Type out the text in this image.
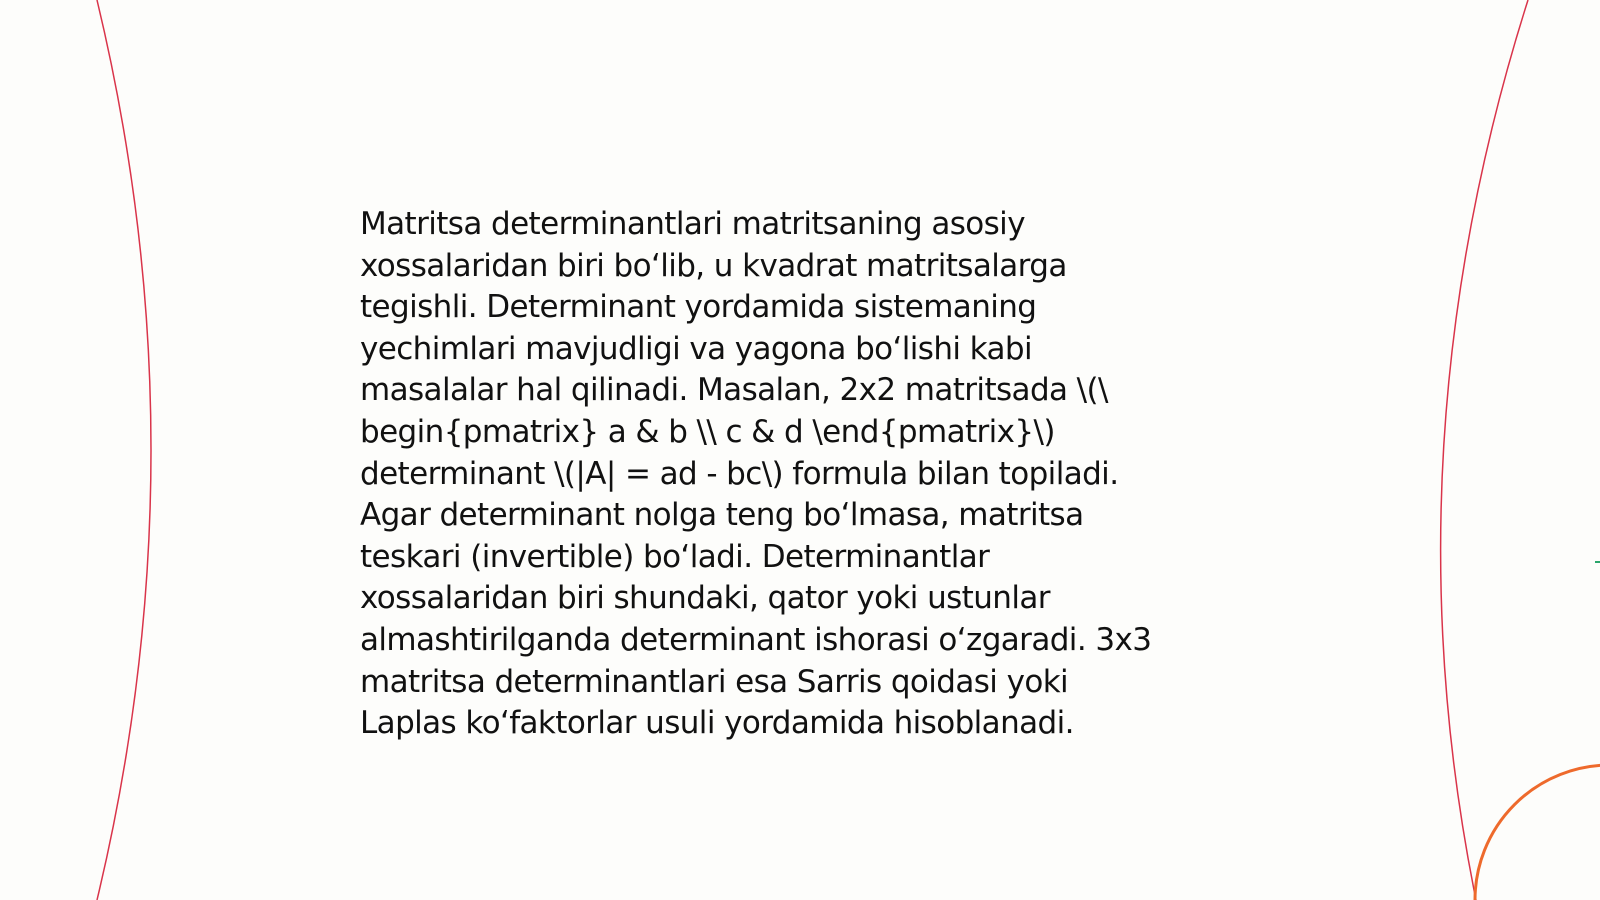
Matritsa determinantlari matritsaning asosiy
xossalaridan biri bo‘lib, u kvadrat matritsalarga
tegishli. Determinant yordamida sistemaning
yechimlari mavjudligi va yagona bo‘lishi kabi
masalalar hal qilinadi. Masalan, 2x2 matritsada \(\
begin{pmatrix} a & b \\ c & d \end{pmatrix}\)
determinant \(|A| = ad - bc\) formula bilan topiladi.
Agar determinant nolga teng bo‘lmasa, matritsa
teskari (invertible) bo‘ladi. Determinantlar
xossalaridan biri shundaki, qator yoki ustunlar
almashtirilganda determinant ishorasi o‘zgaradi. 3x3
matritsa determinantlari esa Sarris qoidasi yoki
Laplas ko‘faktorlar usuli yordamida hisoblanadi.
